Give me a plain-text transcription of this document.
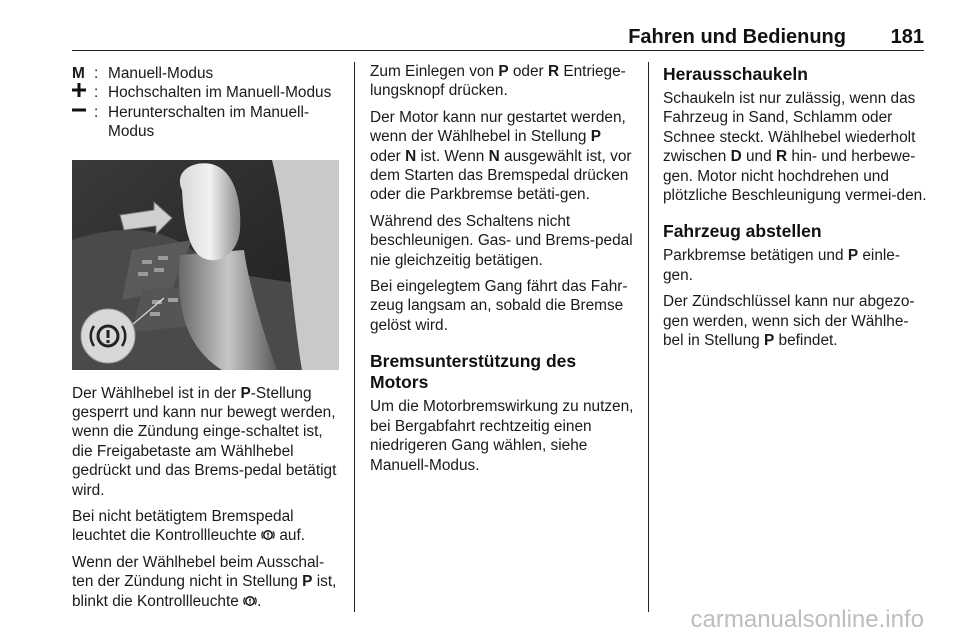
Fahren und Bedienung 181
M : Manuell-Modus
: Hochschalten im Manuell-Modus
: Herunterschalten im Manuell-Modus

Der Wählhebel ist in der P-Stellung gesperrt und kann nur bewegt werden, wenn die Zündung einge-schaltet ist, die Freigabetaste am Wählhebel gedrückt und das Brems-pedal betätigt wird.

Bei nicht betätigtem Bremspedal leuchtet die Kontrollleuchte  auf.

Wenn der Wählhebel beim Ausschal-ten der Zündung nicht in Stellung P ist, blinkt die Kontrollleuchte .

Zum Einlegen von P oder R Entriege-lungsknopf drücken.

Der Motor kann nur gestartet werden, wenn der Wählhebel in Stellung P oder N ist. Wenn N ausgewählt ist, vor dem Starten das Bremspedal drücken oder die Parkbremse betäti-gen.

Während des Schaltens nicht beschleunigen. Gas- und Brems-pedal nie gleichzeitig betätigen.

Bei eingelegtem Gang fährt das Fahr-zeug langsam an, sobald die Bremse gelöst wird.

Bremsunterstützung des Motors

Um die Motorbremswirkung zu nutzen, bei Bergabfahrt rechtzeitig einen niedrigeren Gang wählen, siehe Manuell-Modus.

Herausschaukeln

Schaukeln ist nur zulässig, wenn das Fahrzeug in Sand, Schlamm oder Schnee steckt. Wählhebel wiederholt zwischen D und R hin- und herbewe-gen. Motor nicht hochdrehen und plötzliche Beschleunigung vermei-den.

Fahrzeug abstellen

Parkbremse betätigen und P einle-gen.

Der Zündschlüssel kann nur abgezo-gen werden, wenn sich der Wählhe-bel in Stellung P befindet.

carmanualsonline.info
